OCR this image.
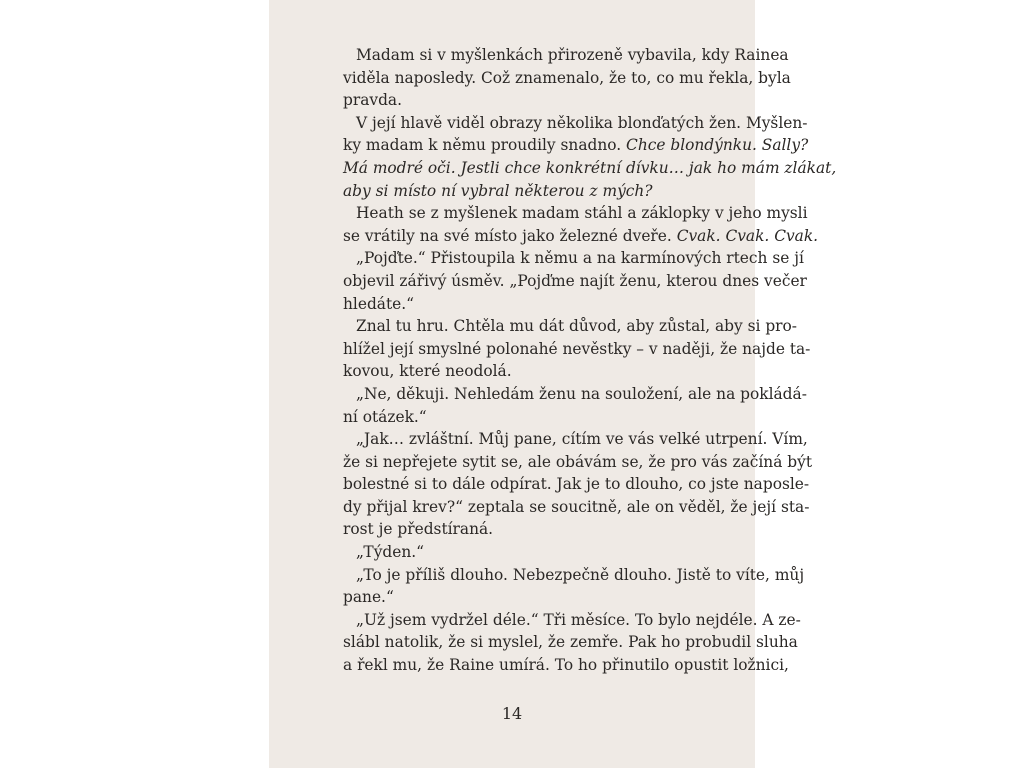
Madam si v myšlenkách přirozeně vybavila, kdy Rainea
viděla naposledy. Což znamenalo, že to, co mu řekla, byla
pravda.
V její hlavě viděl obrazy několika blonďatých žen. Myšlen-
ky madam k němu proudily snadno. Chce blondýnku. Sally?
Má modré oči. Jestli chce konkrétní dívku… jak ho mám zlákat,
aby si místo ní vybral některou z mých?
Heath se z myšlenek madam stáhl a záklopky v jeho mysli
se vrátily na své místo jako železné dveře. Cvak. Cvak. Cvak.
„Pojďte.“ Přistoupila k němu a na karmínových rtech se jí
objevil zářivý úsměv. „Pojďme najít ženu, kterou dnes večer
hledáte.“
Znal tu hru. Chtěla mu dát důvod, aby zůstal, aby si pro-
hlížel její smyslné polonahé nevěstky – v naději, že najde ta-
kovou, které neodolá.
„Ne, děkuji. Nehledám ženu na souložení, ale na pokládá-
ní otázek.“
„Jak… zvláštní. Můj pane, cítím ve vás velké utrpení. Vím,
že si nepřejete sytit se, ale obávám se, že pro vás začíná být
bolestné si to dále odpírat. Jak je to dlouho, co jste naposle-
dy přijal krev?“ zeptala se soucitně, ale on věděl, že její sta-
rost je předstíraná.
„Týden.“
„To je příliš dlouho. Nebezpečně dlouho. Jistě to víte, můj
pane.“
„Už jsem vydržel déle.“ Tři měsíce. To bylo nejdéle. A ze-
slábl natolik, že si myslel, že zemře. Pak ho probudil sluha
a řekl mu, že Raine umírá. To ho přinutilo opustit ložnici,
14
